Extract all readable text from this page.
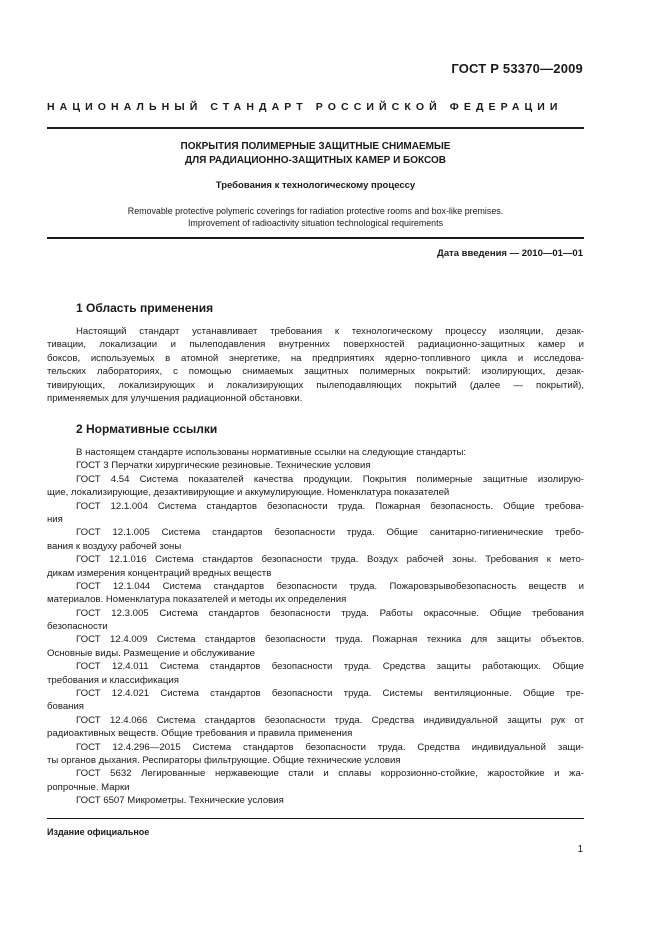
ГОСТ Р 53370—2009
НАЦИОНАЛЬНЫЙ СТАНДАРТ РОССИЙСКОЙ ФЕДЕРАЦИИ
ПОКРЫТИЯ ПОЛИМЕРНЫЕ ЗАЩИТНЫЕ СНИМАЕМЫЕ
ДЛЯ РАДИАЦИОННО-ЗАЩИТНЫХ КАМЕР И БОКСОВ
Требования к технологическому процессу
Removable protective polymeric coverings for radiation protective rooms and box-like premises.
Improvement of radioactivity situation technological requirements
Дата введения — 2010—01—01
1 Область применения
Настоящий стандарт устанавливает требования к технологическому процессу изоляции, дезак-
тивации, локализации и пылеподавления внутренних поверхностей радиационно-защитных камер и
боксов, используемых в атомной энергетике, на предприятиях ядерно-топливного цикла и исследова-
тельских лабораториях, с помощью снимаемых защитных полимерных покрытий: изолирующих, дезак-
тивирующих, локализирующих и локализирующих пылеподавляющих покрытий (далее — покрытий),
применяемых для улучшения радиационной обстановки.
2 Нормативные ссылки
В настоящем стандарте использованы нормативные ссылки на следующие стандарты:
ГОСТ 3 Перчатки хирургические резиновые. Технические условия
ГОСТ 4.54 Система показателей качества продукции. Покрытия полимерные защитные изолирую-
щие, локализирующие, дезактивирующие и аккумулирующие. Номенклатура показателей
ГОСТ 12.1.004 Система стандартов безопасности труда. Пожарная безопасность. Общие требова-
ния
ГОСТ 12.1.005 Система стандартов безопасности труда. Общие санитарно-гигиенические требо-
вания к воздуху рабочей зоны
ГОСТ 12.1.016 Система стандартов безопасности труда. Воздух рабочей зоны. Требования к мето-
дикам измерения концентраций вредных веществ
ГОСТ 12.1.044 Система стандартов безопасности труда. Пожаровзрывобезопасность веществ и
материалов. Номенклатура показателей и методы их определения
ГОСТ 12.3.005 Система стандартов безопасности труда. Работы окрасочные. Общие требования
безопасности
ГОСТ 12.4.009 Система стандартов безопасности труда. Пожарная техника для защиты объектов.
Основные виды. Размещение и обслуживание
ГОСТ 12.4.011 Система стандартов безопасности труда. Средства защиты работающих. Общие
требования и классификация
ГОСТ 12.4.021 Система стандартов безопасности труда. Системы вентиляционные. Общие тре-
бования
ГОСТ 12.4.066 Система стандартов безопасности труда. Средства индивидуальной защиты рук от
радиоактивных веществ. Общие требования и правила применения
ГОСТ 12.4.296—2015 Система стандартов безопасности труда. Средства индивидуальной защи-
ты органов дыхания. Респираторы фильтрующие. Общие технические условия
ГОСТ 5632 Легированные нержавеющие стали и сплавы коррозионно-стойкие, жаростойкие и жа-
ропрочные. Марки
ГОСТ 6507 Микрометры. Технические условия
Издание официальное
1
